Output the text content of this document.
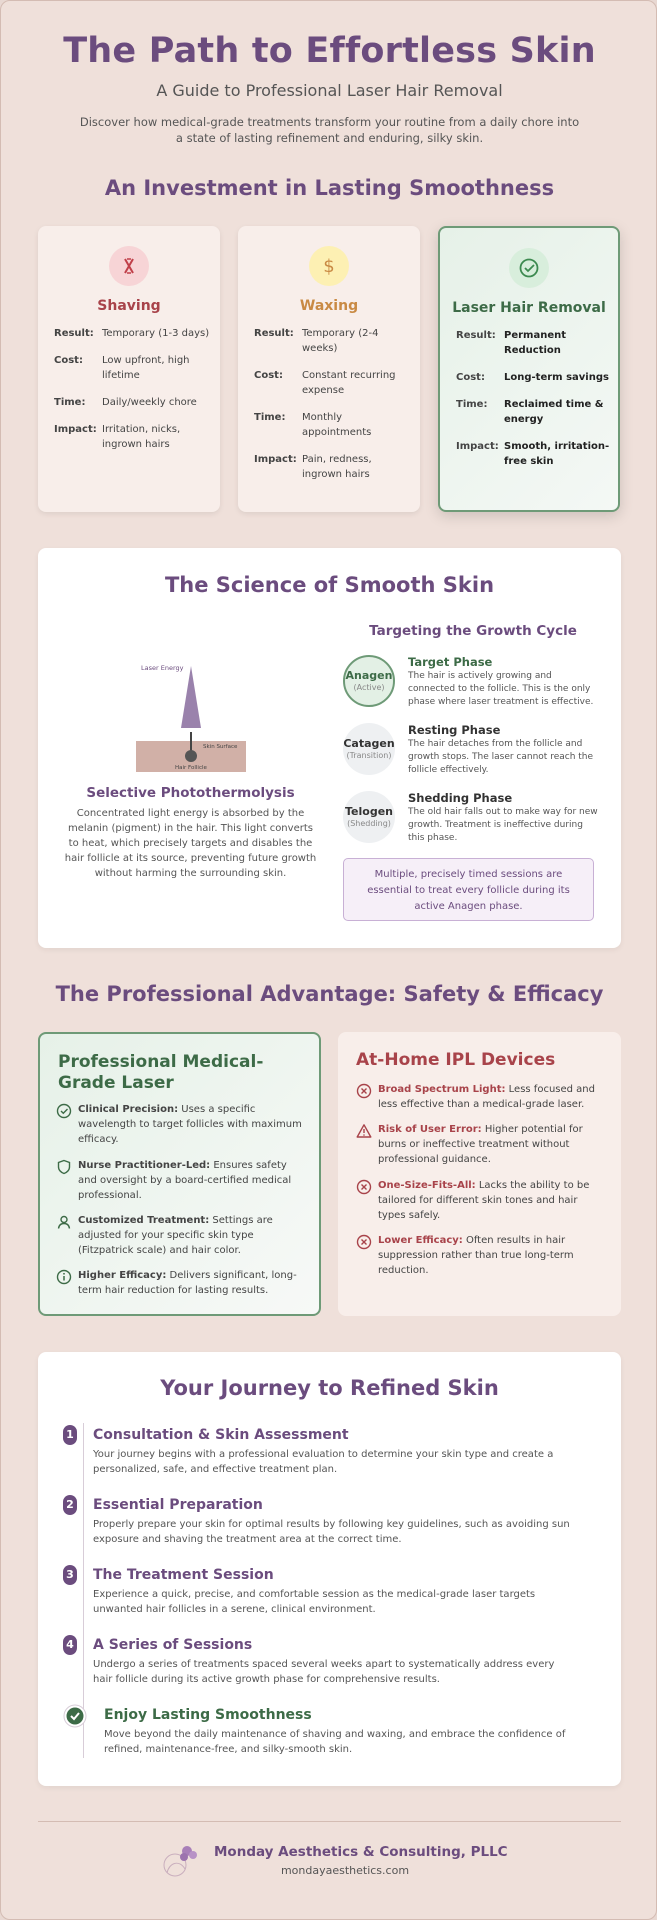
The Path to Effortless Skin
A Guide to Professional Laser Hair Removal
Discover how medical-grade treatments transform your routine from a daily chore into a state of lasting refinement and enduring, silky skin.
An Investment in Lasting Smoothness
Shaving
Result: Temporary (1-3 days)
Cost:	Low upfront, high lifetime
Time:	Daily/weekly chore
Impact: Irritation, nicks, ingrown hairs
$
Waxing
Result: Temporary (2-4 weeks)
Cost:	Constant recurring expense
Time:	Monthly appointments
Impact: Pain, redness, ingrown hairs
Laser Hair Removal
Result: Permanent Reduction
Cost:	Long-term savings
Time:	Reclaimed time & energy
Impact: Smooth, irritation-free skin
The Science of Smooth Skin
Laser Energy
Skin Surface
Hair Follicle
Selective Photothermolysis
Concentrated light energy is absorbed by the melanin (pigment) in the hair. This light converts to heat, which precisely targets and disables the hair follicle at its source, preventing future growth without harming the surrounding skin.
Targeting the Growth Cycle
Anagen
(Active)
Target Phase
The hair is actively growing and connected to the follicle. This is the only phase where laser treatment is effective.
Catagen
(Transition)
Resting Phase
The hair detaches from the follicle and growth stops. The laser cannot reach the follicle effectively.
Telogen
(Shedding)
Shedding Phase
The old hair falls out to make way for new growth. Treatment is ineffective during this phase.
Multiple, precisely timed sessions are essential to treat every follicle during its active Anagen phase.
The Professional Advantage: Safety & Efficacy
Professional Medical-Grade Laser
Clinical Precision: Uses a specific wavelength to target follicles with maximum efficacy.
Nurse Practitioner-Led: Ensures safety and oversight by a board-certified medical professional.
Customized Treatment: Settings are adjusted for your specific skin type (Fitzpatrick scale) and hair color.
Higher Efficacy: Delivers significant, long-term hair reduction for lasting results.
At-Home IPL Devices
Broad Spectrum Light: Less focused and less effective than a medical-grade laser.
Risk of User Error: Higher potential for burns or ineffective treatment without professional guidance.
One-Size-Fits-All: Lacks the ability to be tailored for different skin tones and hair types safely.
Lower Efficacy: Often results in hair suppression rather than true long-term reduction.
Your Journey to Refined Skin
1 Consultation & Skin Assessment
Your journey begins with a professional evaluation to determine your skin type and create a personalized, safe, and effective treatment plan.
2 Essential Preparation
Properly prepare your skin for optimal results by following key guidelines, such as avoiding sun exposure and shaving the treatment area at the correct time.
3 The Treatment Session
Experience a quick, precise, and comfortable session as the medical-grade laser targets unwanted hair follicles in a serene, clinical environment.
4 A Series of Sessions
Undergo a series of treatments spaced several weeks apart to systematically address every hair follicle during its active growth phase for comprehensive results.
Enjoy Lasting Smoothness
Move beyond the daily maintenance of shaving and waxing, and embrace the confidence of refined, maintenance-free, and silky-smooth skin.
Monday Aesthetics & Consulting, PLLC
mondayaesthetics.com
